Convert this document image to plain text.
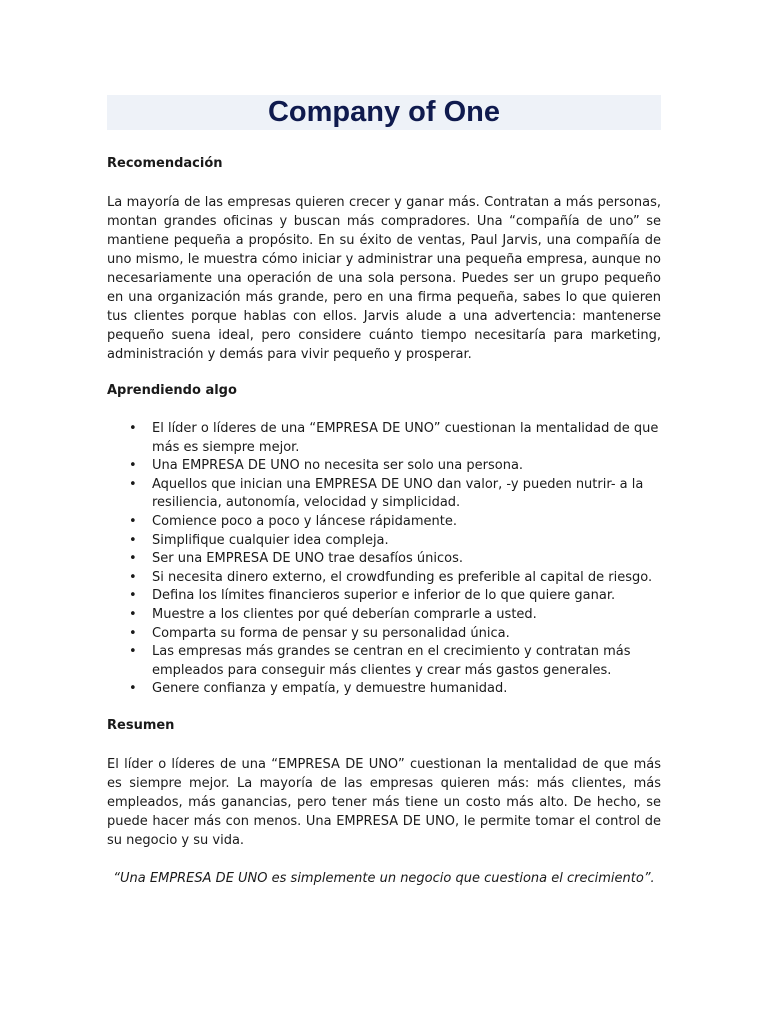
Company of One
Recomendación

La mayoría de las empresas quieren crecer y ganar más. Contratan a más personas, montan grandes oficinas y buscan más compradores. Una “compañía de uno” se mantiene pequeña a propósito. En su éxito de ventas, Paul Jarvis, una compañía de uno mismo, le muestra cómo iniciar y administrar una pequeña empresa, aunque no necesariamente una operación de una sola persona. Puedes ser un grupo pequeño en una organización más grande, pero en una firma pequeña, sabes lo que quieren tus clientes porque hablas con ellos. Jarvis alude a una advertencia: mantenerse pequeño suena ideal, pero considere cuánto tiempo necesitaría para marketing, administración y demás para vivir pequeño y prosperar.

Aprendiendo algo
• El líder o líderes de una “EMPRESA DE UNO” cuestionan la mentalidad de que más es siempre mejor.
• Una EMPRESA DE UNO no necesita ser solo una persona.
• Aquellos que inician una EMPRESA DE UNO dan valor, -y pueden nutrir- a la resiliencia, autonomía, velocidad y simplicidad.
• Comience poco a poco y láncese rápidamente.
• Simplifique cualquier idea compleja.
• Ser una EMPRESA DE UNO trae desafíos únicos.
• Si necesita dinero externo, el crowdfunding es preferible al capital de riesgo.
• Defina los límites financieros superior e inferior de lo que quiere ganar.
• Muestre a los clientes por qué deberían comprarle a usted.
• Comparta su forma de pensar y su personalidad única.
• Las empresas más grandes se centran en el crecimiento y contratan más empleados para conseguir más clientes y crear más gastos generales.
• Genere confianza y empatía, y demuestre humanidad.
Resumen

El líder o líderes de una “EMPRESA DE UNO” cuestionan la mentalidad de que más es siempre mejor. La mayoría de las empresas quieren más: más clientes, más empleados, más ganancias, pero tener más tiene un costo más alto. De hecho, se puede hacer más con menos. Una EMPRESA DE UNO, le permite tomar el control de su negocio y su vida.

“Una EMPRESA DE UNO es simplemente un negocio que cuestiona el crecimiento”.
